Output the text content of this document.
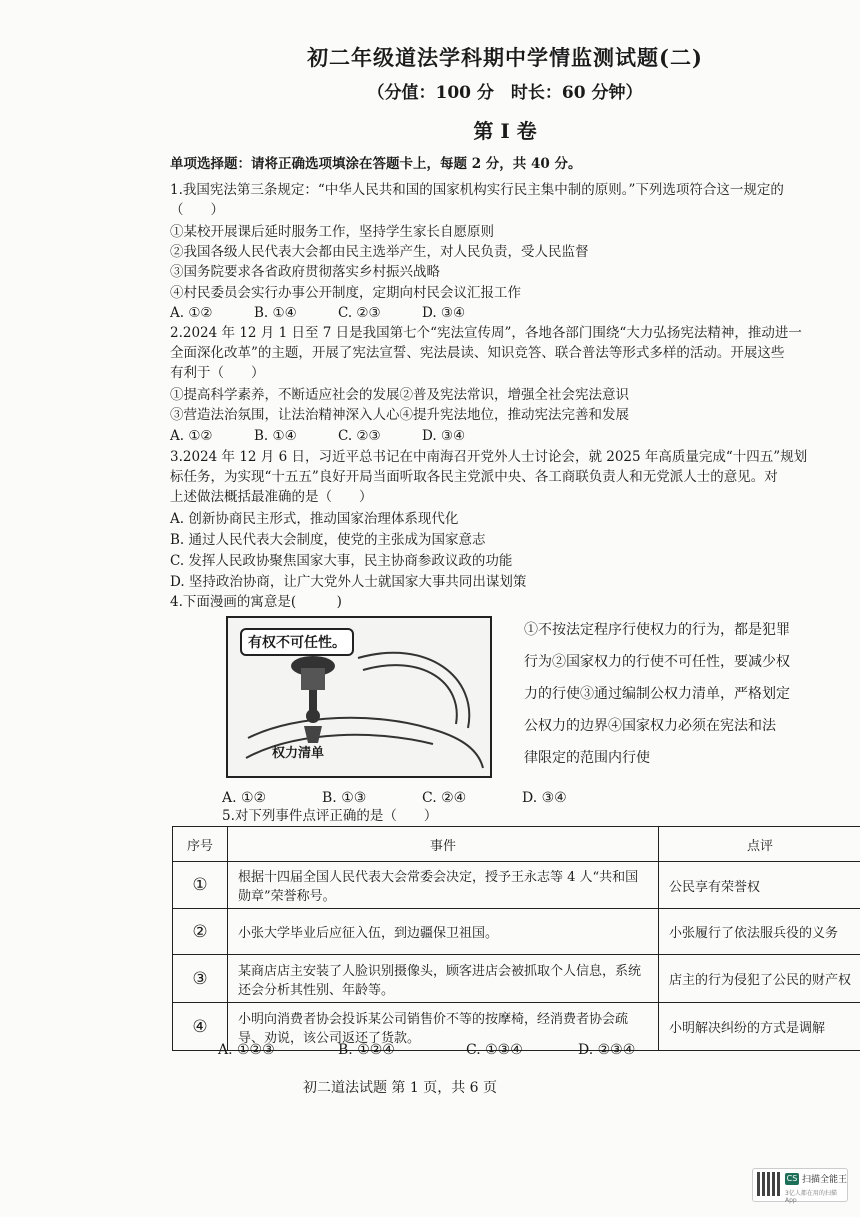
初二年级道法学科期中学情监测试题(二)
（分值：100 分　时长：60 分钟）
第 Ⅰ 卷
单项选择题：请将正确选项填涂在答题卡上，每题 2 分，共 40 分。
1.我国宪法第三条规定：“中华人民共和国的国家机构实行民主集中制的原则。”下列选项符合这一规定的
（　　）
①某校开展课后延时服务工作，坚持学生家长自愿原则
②我国各级人民代表大会都由民主选举产生，对人民负责，受人民监督
③国务院要求各省政府贯彻落实乡村振兴战略
④村民委员会实行办事公开制度，定期向村民会议汇报工作
A. ①②	B. ①④	C. ②③	D. ③④
2.2024 年 12 月 1 日至 7 日是我国第七个“宪法宣传周”，各地各部门围绕“大力弘扬宪法精神，推动进一
全面深化改革”的主题，开展了宪法宣誓、宪法晨读、知识竞答、联合普法等形式多样的活动。开展这些
有利于（　　）
①提高科学素养，不断适应社会的发展②普及宪法常识，增强全社会宪法意识
③营造法治氛围，让法治精神深入人心④提升宪法地位，推动宪法完善和发展
A. ①②	B. ①④	C. ②③	D. ③④
3.2024 年 12 月 6 日，习近平总书记在中南海召开党外人士讨论会，就 2025 年高质量完成“十四五”规划
标任务，为实现“十五五”良好开局当面听取各民主党派中央、各工商联负责人和无党派人士的意见。对
上述做法概括最准确的是（　　）
A. 创新协商民主形式，推动国家治理体系现代化
B. 通过人民代表大会制度，使党的主张成为国家意志
C. 发挥人民政协聚焦国家大事，民主协商参政议政的功能
D. 坚持政治协商，让广大党外人士就国家大事共同出谋划策
4.下面漫画的寓意是(　　　)
有权不可任性。
权力清单
①不按法定程序行使权力的行为，都是犯罪
行为②国家权力的行使不可任性，要减少权
力的行使③通过编制公权力清单，严格划定
公权力的边界④国家权力必须在宪法和法
律限定的范围内行使
A. ①②	B. ①③	C. ②④	D. ③④
5.对下列事件点评正确的是（　　）
序号	事件	点评
①	根据十四届全国人民代表大会常委会决定，授予王永志等 4 人“共和国勋章”荣誉称号。	公民享有荣誉权
②	小张大学毕业后应征入伍，到边疆保卫祖国。	小张履行了依法服兵役的义务
③	某商店店主安装了人脸识别摄像头，顾客进店会被抓取个人信息，系统还会分析其性别、年龄等。	店主的行为侵犯了公民的财产权
④	小明向消费者协会投诉某公司销售价不等的按摩椅，经消费者协会疏导、劝说，该公司返还了货款。	小明解决纠纷的方式是调解
A. ①②③	B. ①②④	C. ①③④	D. ②③④
初二道法试题 第 1 页，共 6 页
CS 扫描全能王
3亿人都在用的扫描App
